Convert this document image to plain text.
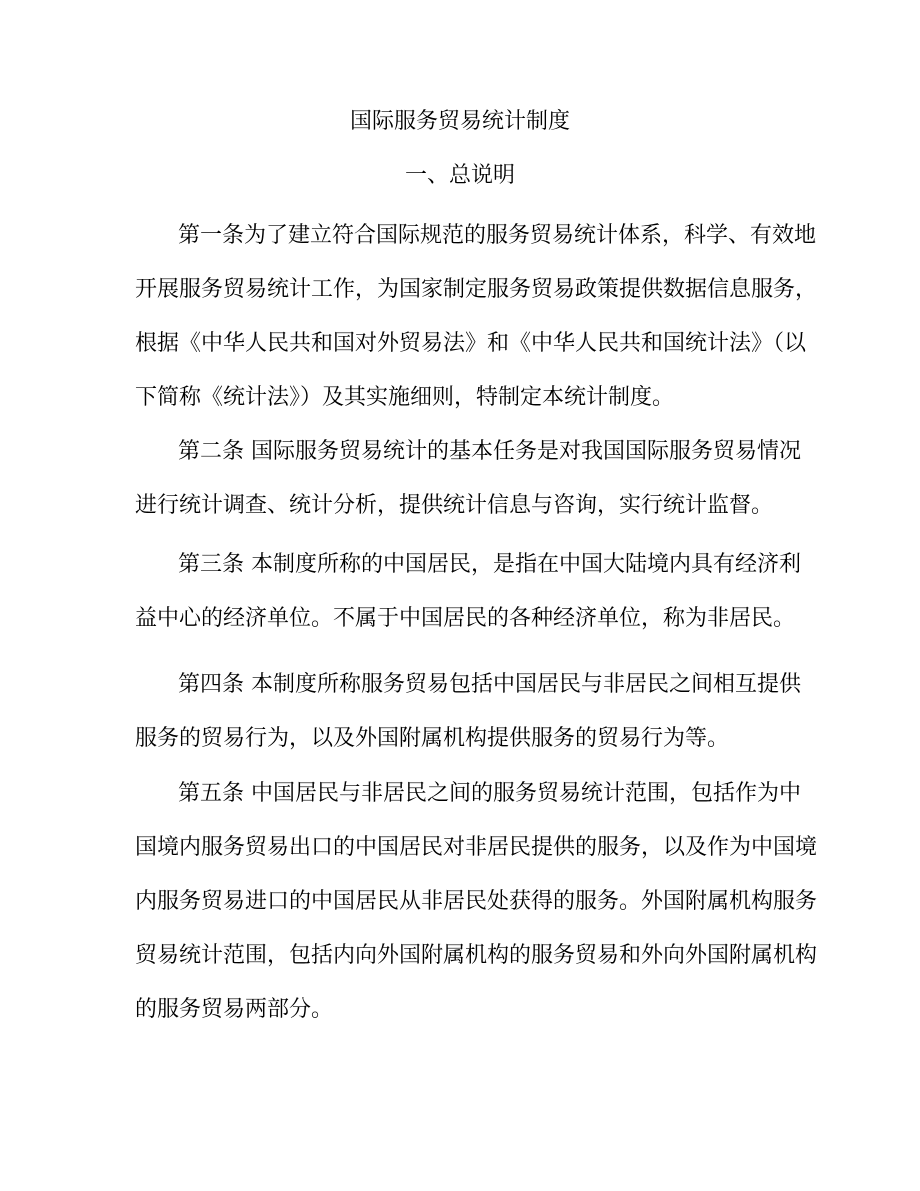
国际服务贸易统计制度
一、总说明

第一条为了建立符合国际规范的服务贸易统计体系，科学、有效地

开展服务贸易统计工作，为国家制定服务贸易政策提供数据信息服务，

根据《中华人民共和国对外贸易法》和《中华人民共和国统计法》（以

下简称《统计法》）及其实施细则，特制定本统计制度。

第二条 国际服务贸易统计的基本任务是对我国国际服务贸易情况

进行统计调查、统计分析，提供统计信息与咨询，实行统计监督。

第三条 本制度所称的中国居民，是指在中国大陆境内具有经济利

益中心的经济单位。不属于中国居民的各种经济单位，称为非居民。

第四条 本制度所称服务贸易包括中国居民与非居民之间相互提供

服务的贸易行为，以及外国附属机构提供服务的贸易行为等。

第五条 中国居民与非居民之间的服务贸易统计范围，包括作为中

国境内服务贸易出口的中国居民对非居民提供的服务，以及作为中国境

内服务贸易进口的中国居民从非居民处获得的服务。外国附属机构服务

贸易统计范围，包括内向外国附属机构的服务贸易和外向外国附属机构

的服务贸易两部分。
